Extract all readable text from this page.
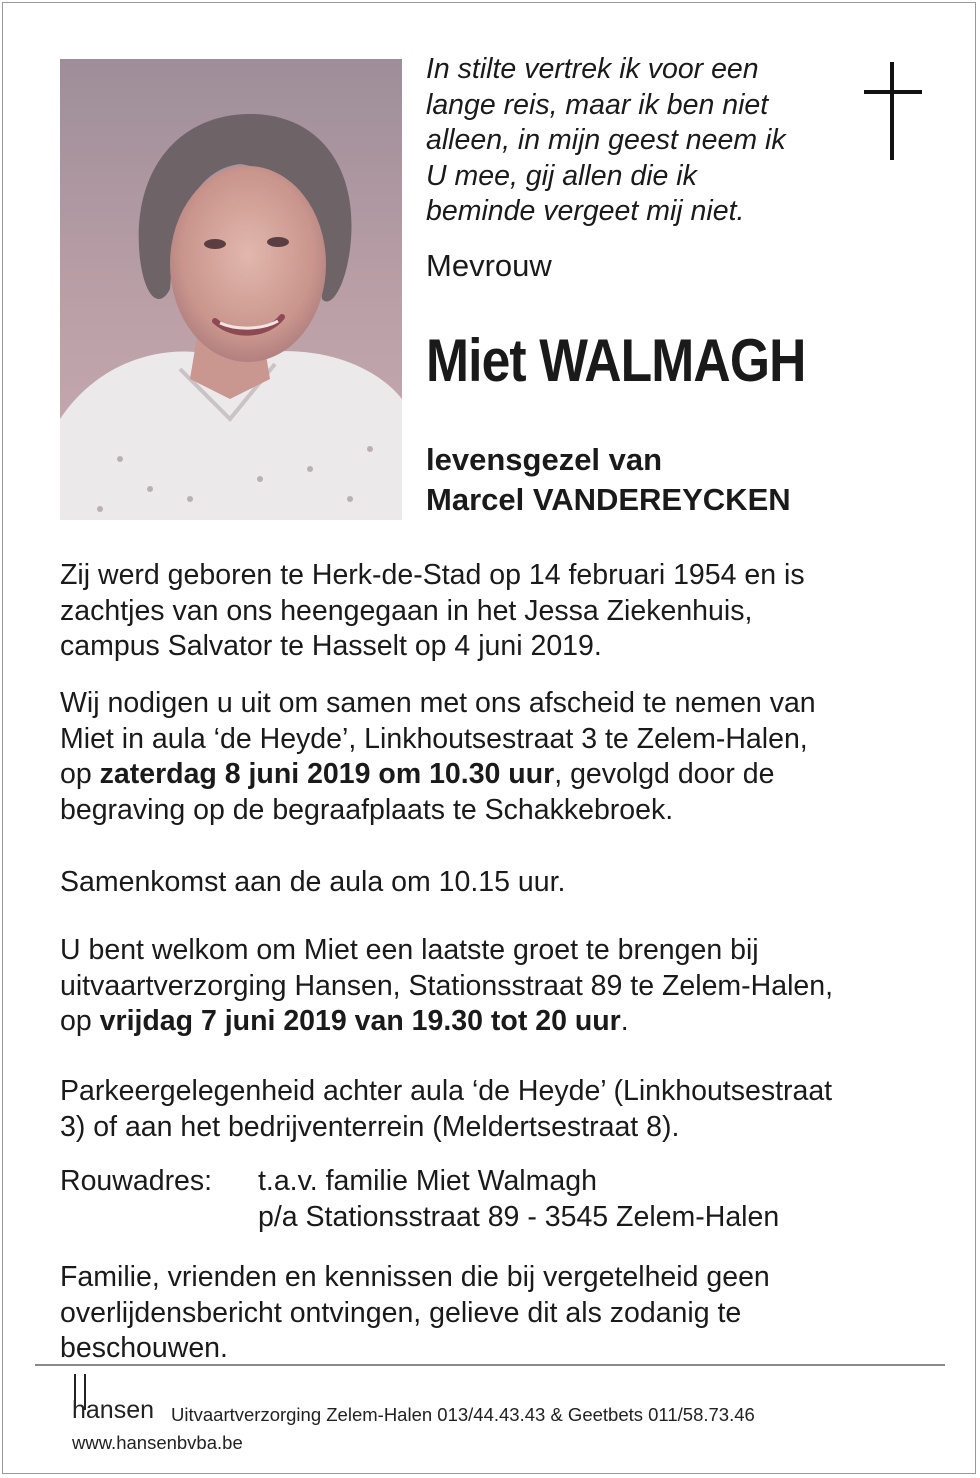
In stilte vertrek ik voor een
lange reis, maar ik ben niet
alleen, in mijn geest neem ik
U mee, gij allen die ik
beminde vergeet mij niet.
Mevrouw
Miet WALMAGH
levensgezel van
Marcel VANDEREYCKEN
Zij werd geboren te Herk-de-Stad op 14 februari 1954 en is
zachtjes van ons heengegaan in het Jessa Ziekenhuis,
campus Salvator te Hasselt op 4 juni 2019.
Wij nodigen u uit om samen met ons afscheid te nemen van
Miet in aula ‘de Heyde’, Linkhoutsestraat 3 te Zelem-Halen,
op zaterdag 8 juni 2019 om 10.30 uur, gevolgd door de
begraving op de begraafplaats te Schakkebroek.
Samenkomst aan de aula om 10.15 uur.
U bent welkom om Miet een laatste groet te brengen bij
uitvaartverzorging Hansen, Stationsstraat 89 te Zelem-Halen,
op vrijdag 7 juni 2019 van 19.30 tot 20 uur.
Parkeergelegenheid achter aula ‘de Heyde’ (Linkhoutsestraat
3) of aan het bedrijventerrein (Meldertsestraat 8).
Rouwadres: t.a.v. familie Miet Walmagh
p/a Stationsstraat 89 - 3545 Zelem-Halen
Familie, vrienden en kennissen die bij vergetelheid geen
overlijdensbericht ontvingen, gelieve dit als zodanig te
beschouwen.
hansen Uitvaartverzorging Zelem-Halen 013/44.43.43 & Geetbets 011/58.73.46
www.hansenbvba.be
